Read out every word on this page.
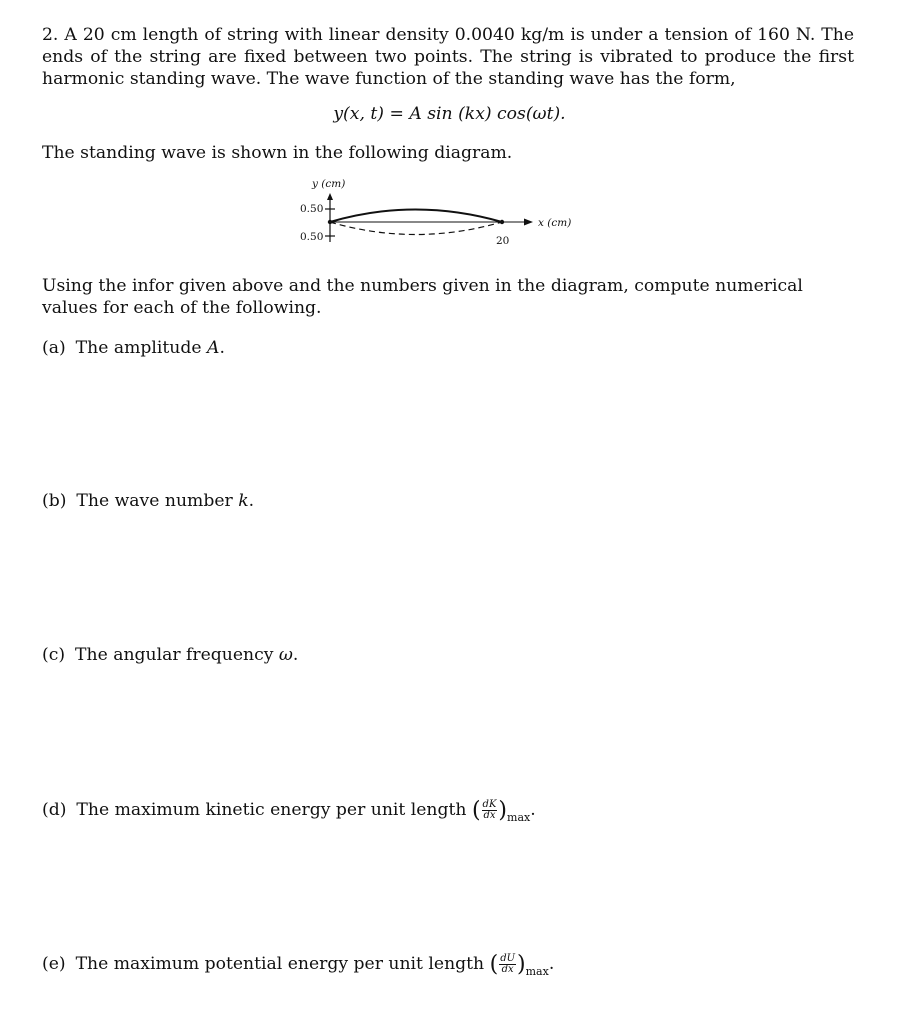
2. A 20 cm length of string with linear density 0.0040 kg/m is under a tension of 160 N. The ends of the string are fixed between two points. The string is vibrated to produce the first harmonic standing wave. The wave function of the standing wave has the form,

y(x, t) = A sin (kx) cos(ωt).

The standing wave is shown in the following diagram.

y (cm)
0.50
0.50
x (cm)
20

Using the infor given above and the numbers given in the diagram, compute numerical values for each of the following.

(a) The amplitude A.

(b) The wave number k.

(c) The angular frequency ω.

(d) The maximum kinetic energy per unit length ( $\frac{dK}{dx} )_{max}$.

(e) The maximum potential energy per unit length ( $\frac{dU}{dx} )_{max}$.
